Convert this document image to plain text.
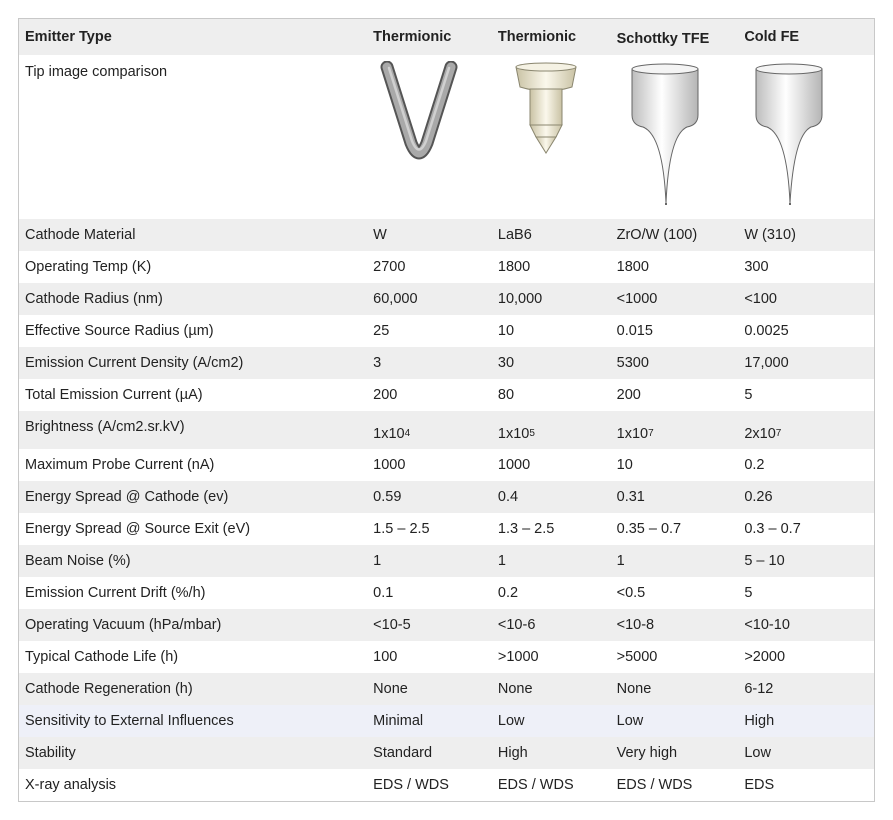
Emitter Type	Thermionic	Thermionic	Schottky TFE	Cold FE
Tip image comparison
Cathode Material	W	LaB6	ZrO/W (100)	W (310)
Operating Temp (K)	2700	1800	1800	300
Cathode Radius (nm)	60,000	10,000	<1000	<100
Effective Source Radius (µm)	25	10	0.015	0.0025
Emission Current Density (A/cm2)	3	30	5300	17,000
Total Emission Current (µA)	200	80	200	5
Brightness (A/cm2.sr.kV)	1x10 4	1x10 5	1x10 7	2x10 7
Maximum Probe Current (nA)	1000	1000	10	0.2
Energy Spread @ Cathode (ev)	0.59	0.4	0.31	0.26
Energy Spread @ Source Exit (eV)	1.5 – 2.5	1.3 – 2.5	0.35 – 0.7	0.3 – 0.7
Beam Noise (%)	1	1	1	5 – 10
Emission Current Drift (%/h)	0.1	0.2	<0.5	5
Operating Vacuum (hPa/mbar)	<10-5	<10-6	<10-8	<10-10
Typical Cathode Life (h)	100	>1000	>5000	>2000
Cathode Regeneration (h)	None	None	None	6-12
Sensitivity to External Influences	Minimal	Low	Low	High
Stability	Standard	High	Very high	Low
X-ray analysis	EDS / WDS	EDS / WDS	EDS / WDS	EDS
